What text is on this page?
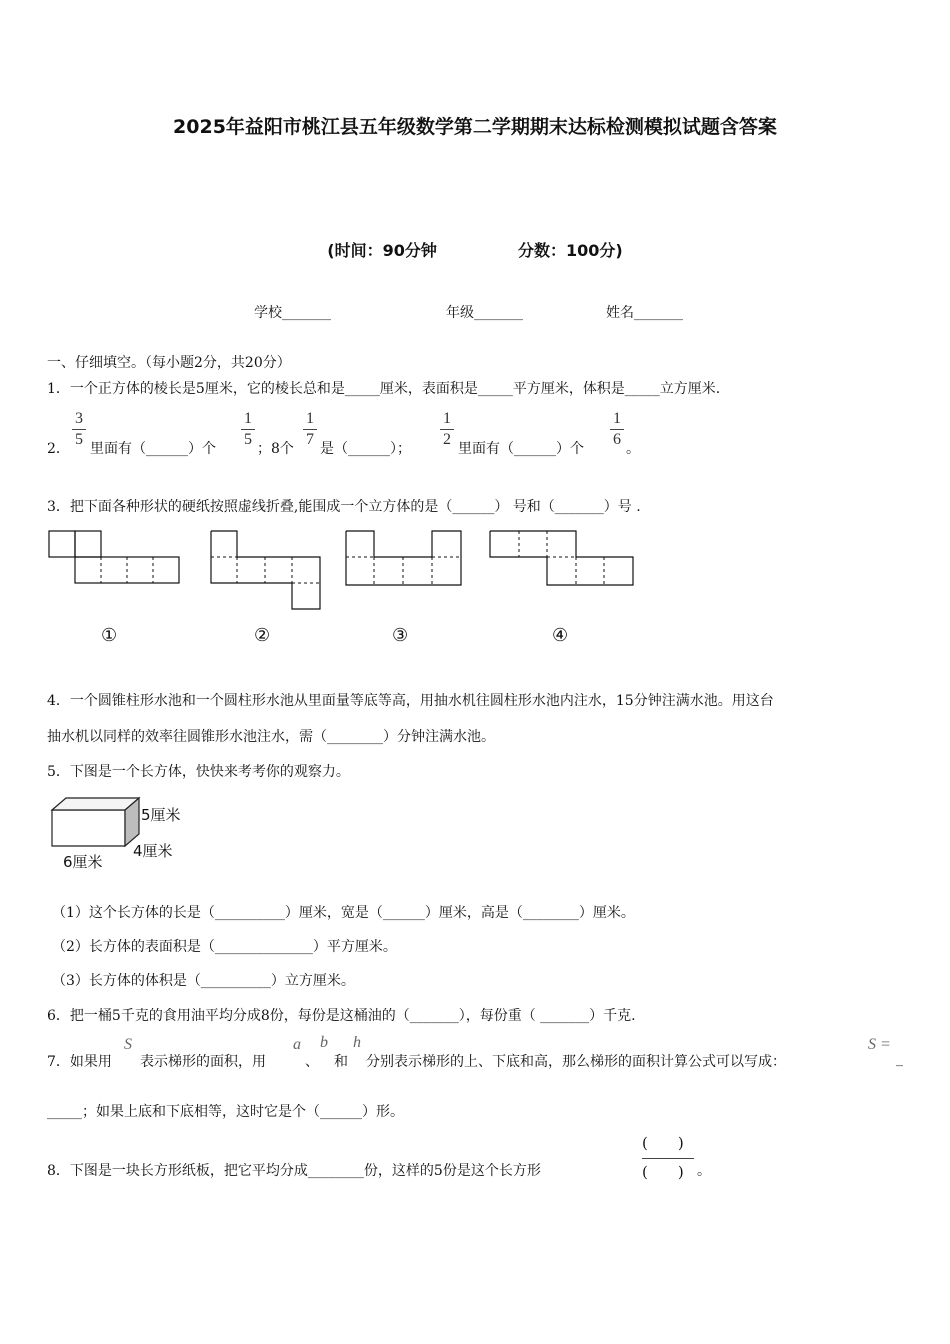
2025年益阳市桃江县五年级数学第二学期期末达标检测模拟试题含答案
(时间：90分钟	分数：100分)
学校_______	年级_______	姓名_______
一、仔细填空。（每小题2分，共20分）
1．一个正方体的棱长是5厘米，它的棱长总和是_____厘米，表面积是_____平方厘米，体积是_____立方厘米.
2．
3
5
里面有（______）个
1
5
；8个
1
7
是（______）；
1
2
里面有（______）个
1
6
。
3．把下面各种形状的硬纸按照虚线折叠,能围成一个立方体的是（______） 号和（_______）号 .
①	②	③	④
4．一个圆锥柱形水池和一个圆柱形水池从里面量等底等高，用抽水机往圆柱形水池内注水，15分钟注满水池。用这台
抽水机以同样的效率往圆锥形水池注水，需（________）分钟注满水池。
5．下图是一个长方体，快快来考考你的观察力。
5厘米
4厘米
6厘米
（1）这个长方体的长是（__________）厘米，宽是（______）厘米，高是（________）厘米。
（2）长方体的表面积是（______________）平方厘米。
（3）长方体的体积是（__________）立方厘米。
6．把一桶5千克的食用油平均分成8份，每份是这桶油的（_______），每份重（ _______）千克.
7．如果用
S
表示梯形的面积，用
a
、
b
和
h
分别表示梯形的上、下底和高，那么梯形的面积计算公式可以写成：
S =
_
_____；如果上底和下底相等，这时它是个（______）形。
8．下图是一块长方形纸板，把它平均分成________份，这样的5份是这个长方形
(　　)
(　　) 。
